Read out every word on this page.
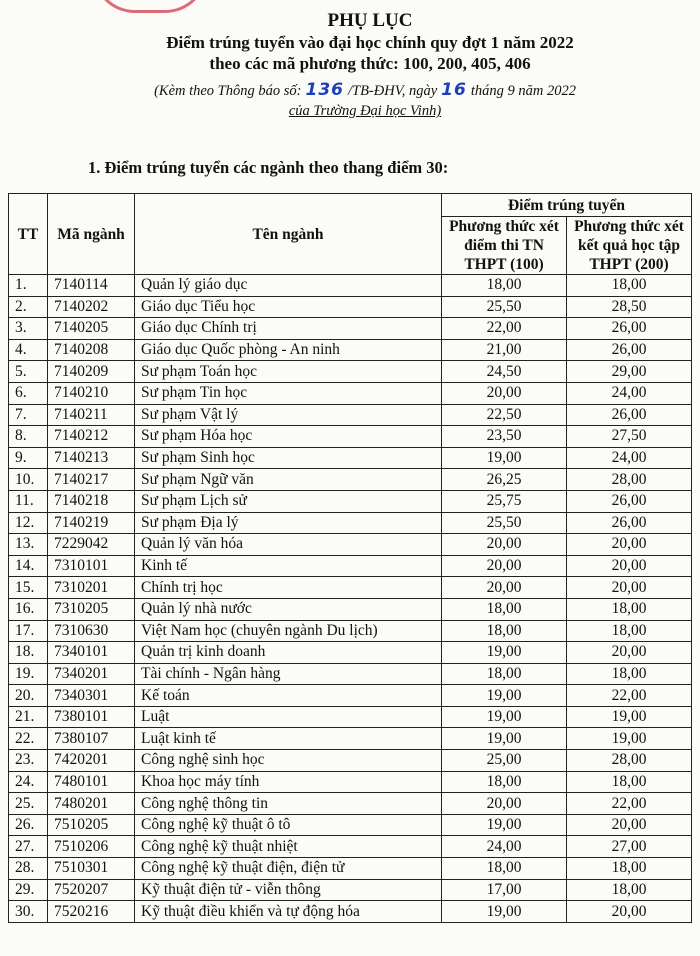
PHỤ LỤC
Điểm trúng tuyển vào đại học chính quy đợt 1 năm 2022
theo các mã phương thức: 100, 200, 405, 406
(Kèm theo Thông báo số: 136 /TB-ĐHV, ngày 16 tháng 9 năm 2022
của Trường Đại học Vinh)
1. Điểm trúng tuyển các ngành theo thang điểm 30:
TT	Mã ngành	Tên ngành	Điểm trúng tuyển	
			Phương thức xét điểm thi TN THPT (100)	Phương thức xét kết quả học tập THPT (200)
1.	7140114	Quản lý giáo dục	18,00	18,00
2.	7140202	Giáo dục Tiểu học	25,50	28,50
3.	7140205	Giáo dục Chính trị	22,00	26,00
4.	7140208	Giáo dục Quốc phòng - An ninh	21,00	26,00
5.	7140209	Sư phạm Toán học	24,50	29,00
6.	7140210	Sư phạm Tin học	20,00	24,00
7.	7140211	Sư phạm Vật lý	22,50	26,00
8.	7140212	Sư phạm Hóa học	23,50	27,50
9.	7140213	Sư phạm Sinh học	19,00	24,00
10.	7140217	Sư phạm Ngữ văn	26,25	28,00
11.	7140218	Sư phạm Lịch sử	25,75	26,00
12.	7140219	Sư phạm Địa lý	25,50	26,00
13.	7229042	Quản lý văn hóa	20,00	20,00
14.	7310101	Kinh tế	20,00	20,00
15.	7310201	Chính trị học	20,00	20,00
16.	7310205	Quản lý nhà nước	18,00	18,00
17.	7310630	Việt Nam học (chuyên ngành Du lịch)	18,00	18,00
18.	7340101	Quản trị kinh doanh	19,00	20,00
19.	7340201	Tài chính - Ngân hàng	18,00	18,00
20.	7340301	Kế toán	19,00	22,00
21.	7380101	Luật	19,00	19,00
22.	7380107	Luật kinh tế	19,00	19,00
23.	7420201	Công nghệ sinh học	25,00	28,00
24.	7480101	Khoa học máy tính	18,00	18,00
25.	7480201	Công nghệ thông tin	20,00	22,00
26.	7510205	Công nghệ kỹ thuật ô tô	19,00	20,00
27.	7510206	Công nghệ kỹ thuật nhiệt	24,00	27,00
28.	7510301	Công nghệ kỹ thuật điện, điện tử	18,00	18,00
29.	7520207	Kỹ thuật điện tử - viễn thông	17,00	18,00
30.	7520216	Kỹ thuật điều khiển và tự động hóa	19,00	20,00
